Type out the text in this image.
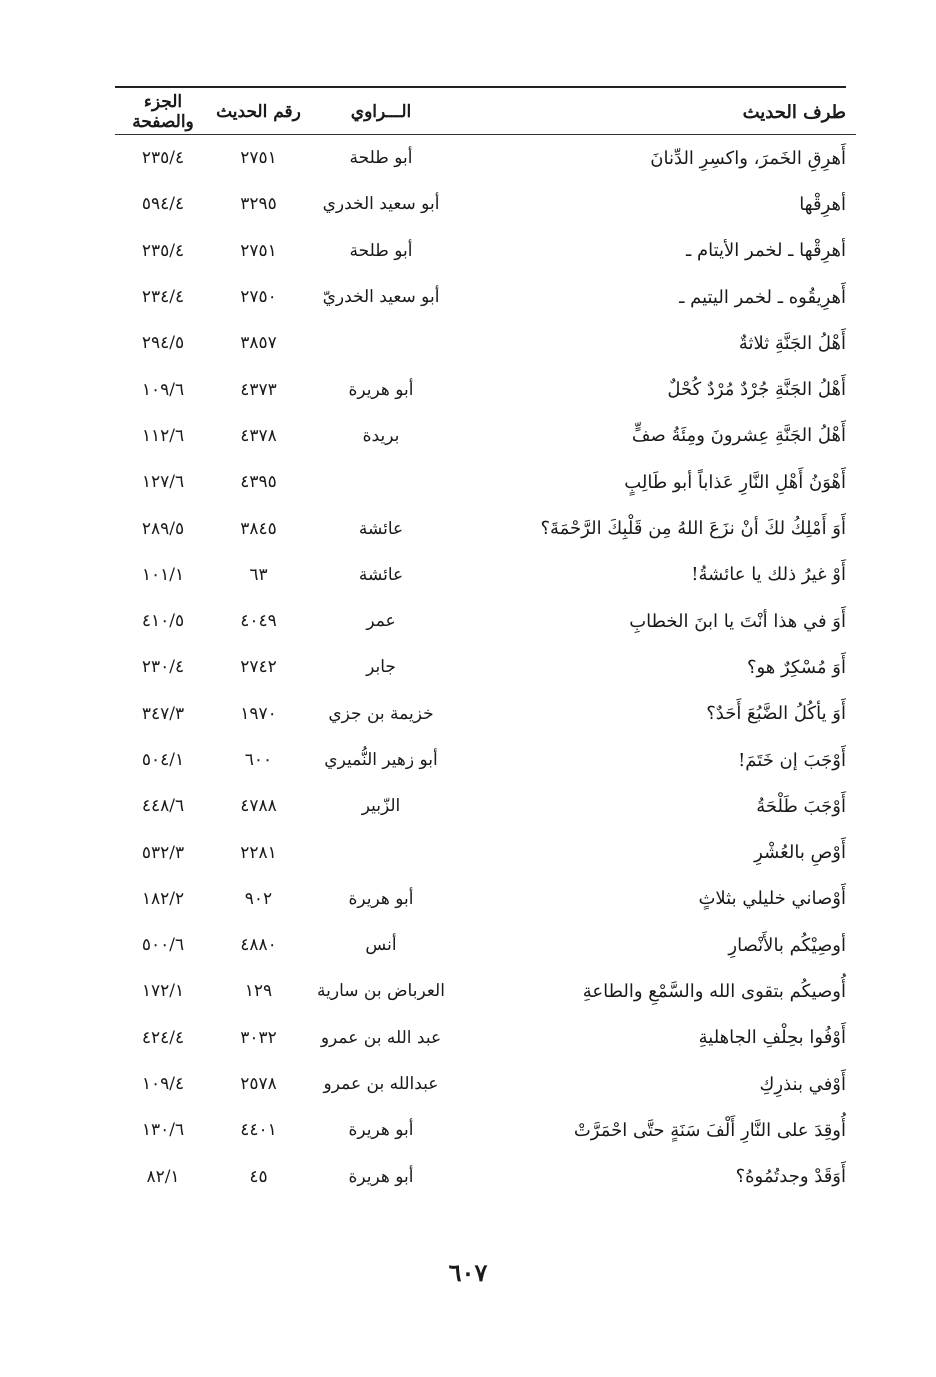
طرف الحديث	الـــراوي	رقم الحديث	الجزء والصفحة
أَهرِقِ الخَمرَ، واكسِرِ الدِّنانَ	أبو طلحة	٢٧٥١	٢٣٥/٤
أهرِقْها	أبو سعيد الخدري	٣٢٩٥	٥٩٤/٤
أهرِقْها ـ لخمر الأيتام ـ	أبو طلحة	٢٧٥١	٢٣٥/٤
أَهرِيقُوه ـ لخمر اليتيم ـ	أبو سعيد الخدريّ	٢٧٥٠	٢٣٤/٤
أَهْلُ الجَنَّةِ ثلاثةٌ		٣٨٥٧	٢٩٤/٥
أَهْلُ الجَنَّةِ جُرْدٌ مُرْدٌ كُحْلٌ	أبو هريرة	٤٣٧٣	١٠٩/٦
أَهْلُ الجَنَّةِ عِشرونَ ومِئَةُ صفٍّ	بريدة	٤٣٧٨	١١٢/٦
أَهْوَنُ أَهْلِ النَّارِ عَذاباً أبو طَالِبٍ		٤٣٩٥	١٢٧/٦
أَوَ أَمْلِكُ لكَ أنْ نزَعَ اللهُ مِن قَلْبِكَ الرَّحْمَةَ؟	عائشة	٣٨٤٥	٢٨٩/٥
أَوْ غيرُ ذلك يا عائشةُ!	عائشة	٦٣	١٠١/١
أَوَ في هذا أنْتَ يا ابنَ الخطابِ	عمر	٤٠٤٩	٤١٠/٥
أَوَ مُسْكِرٌ هو؟	جابر	٢٧٤٢	٢٣٠/٤
أَوَ يأكُلُ الضَّبُعَ أَحَدٌ؟	خزيمة بن جزي	١٩٧٠	٣٤٧/٣
أَوْجَبَ إن خَتَمَ!	أبو زهير النُّميري	٦٠٠	٥٠٤/١
أَوْجَبَ طَلْحَةُ	الزّبير	٤٧٨٨	٤٤٨/٦
أَوْصِ بالعُشْرِ		٢٢٨١	٥٣٢/٣
أَوْصاني خليلي بثلاثٍ	أبو هريرة	٩٠٢	١٨٢/٢
أوصِيْكُم بالأَنْصارِ	أنس	٤٨٨٠	٥٠٠/٦
أُوصيكُم بتقوى الله والسَّمْعِ والطاعةِ	العرباض بن سارية	١٢٩	١٧٢/١
أَوْفُوا بحِلْفِ الجاهليةِ	عبد الله بن عمرو	٣٠٣٢	٤٢٤/٤
أَوْفي بنذرِكِ	عبدالله بن عمرو	٢٥٧٨	١٠٩/٤
أُوقِدَ على النَّارِ أَلْفَ سَنَةٍ حتَّى احْمَرَّتْ	أبو هريرة	٤٤٠١	١٣٠/٦
أَوَقَدْ وجدتُمُوهُ؟	أبو هريرة	٤٥	٨٢/١
٦٠٧
